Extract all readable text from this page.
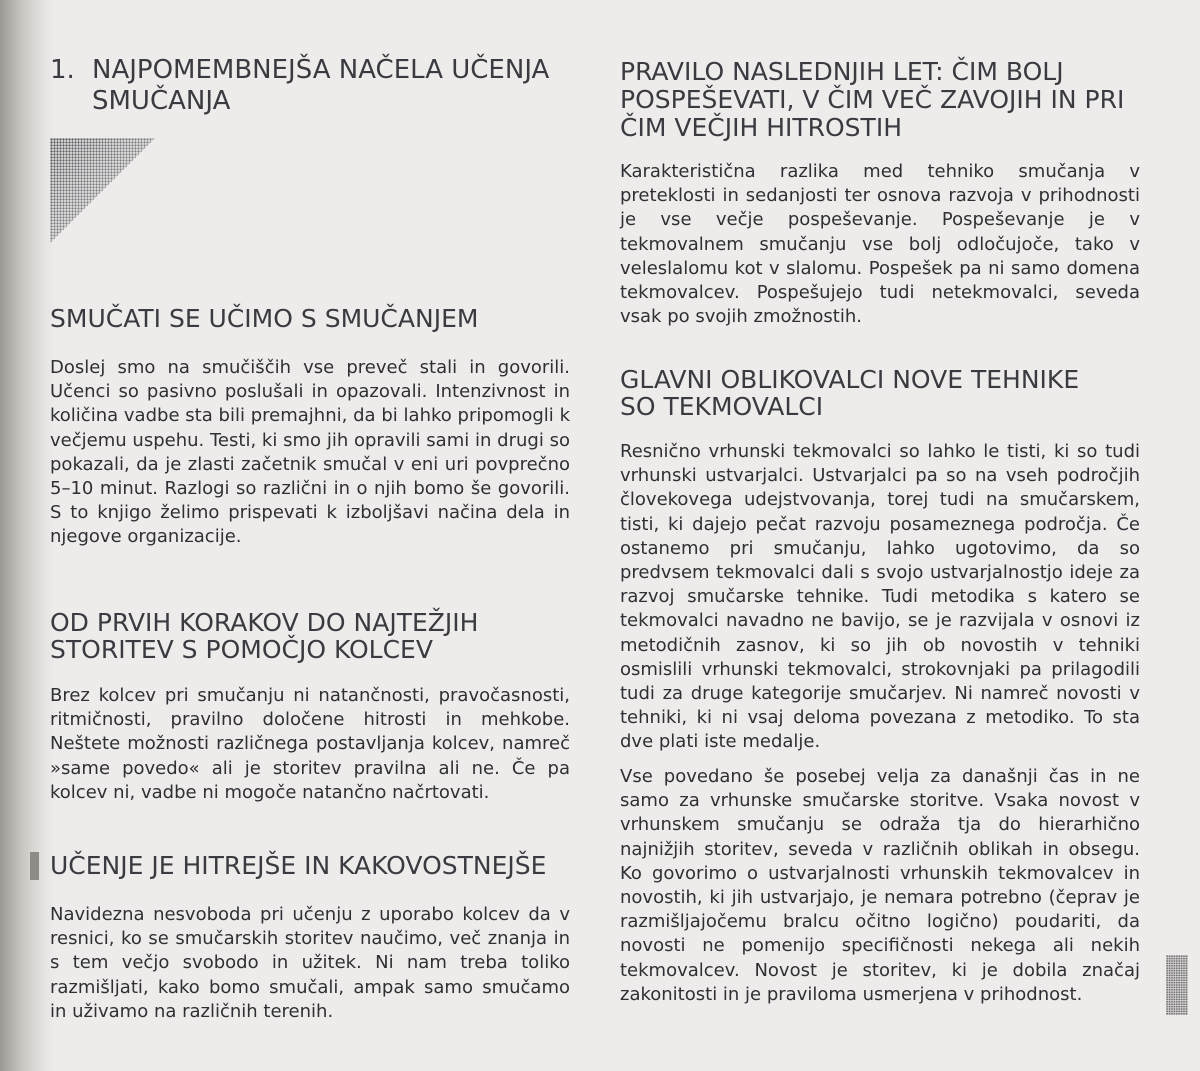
1. NAJPOMEMBNEJŠA NAČELA UČENJA SMUČANJA
SMUČATI SE UČIMO S SMUČANJEM

Doslej smo na smučiščih vse preveč stali in govorili. Učenci so pasivno poslušali in opazovali. Intenzivnost in količina vadbe sta bili premajhni, da bi lahko pripomogli k večjemu uspehu. Testi, ki smo jih opravili sami in drugi so pokazali, da je zlasti začetnik smučal v eni uri povprečno 5–10 minut. Razlogi so različni in o njih bomo še govorili. S to knjigo želimo prispevati k izboljšavi načina dela in njegove organizacije.

OD PRVIH KORAKOV DO NAJTEŽJIH STORITEV S POMOČJO KOLCEV

Brez kolcev pri smučanju ni natančnosti, pravočasnosti, ritmičnosti, pravilno določene hitrosti in mehkobe. Neštete možnosti različnega postavljanja kolcev, namreč »same povedo« ali je storitev pravilna ali ne. Če pa kolcev ni, vadbe ni mogoče natančno načrtovati.

UČENJE JE HITREJŠE IN KAKOVOSTNEJŠE

Navidezna nesvoboda pri učenju z uporabo kolcev da v resnici, ko se smučarskih storitev naučimo, več znanja in s tem večjo svobodo in užitek. Ni nam treba toliko razmišljati, kako bomo smučali, ampak samo smučamo in uživamo na različnih terenih.

PRAVILO NASLEDNJIH LET: ČIM BOLJ POSPEŠEVATI, V ČIM VEČ ZAVOJIH IN PRI ČIM VEČJIH HITROSTIH

Karakteristična razlika med tehniko smučanja v preteklosti in sedanjosti ter osnova razvoja v prihodnosti je vse večje pospeševanje. Pospeševanje je v tekmovalnem smučanju vse bolj odločujoče, tako v veleslalomu kot v slalomu. Pospešek pa ni samo domena tekmovalcev. Pospešujejo tudi netekmovalci, seveda vsak po svojih zmožnostih.

GLAVNI OBLIKOVALCI NOVE TEHNIKE SO TEKMOVALCI

Resnično vrhunski tekmovalci so lahko le tisti, ki so tudi vrhunski ustvarjalci. Ustvarjalci pa so na vseh področjih človekovega udejstvovanja, torej tudi na smučarskem, tisti, ki dajejo pečat razvoju posameznega področja. Če ostanemo pri smučanju, lahko ugotovimo, da so predvsem tekmovalci dali s svojo ustvarjalnostjo ideje za razvoj smučarske tehnike. Tudi metodika s katero se tekmovalci navadno ne bavijo, se je razvijala v osnovi iz metodičnih zasnov, ki so jih ob novostih v tehniki osmislili vrhunski tekmovalci, strokovnjaki pa prilagodili tudi za druge kategorije smučarjev. Ni namreč novosti v tehniki, ki ni vsaj deloma povezana z metodiko. To sta dve plati iste medalje.

Vse povedano še posebej velja za današnji čas in ne samo za vrhunske smučarske storitve. Vsaka novost v vrhunskem smučanju se odraža tja do hierarhično najnižjih storitev, seveda v različnih oblikah in obsegu. Ko govorimo o ustvarjalnosti vrhunskih tekmovalcev in novostih, ki jih ustvarjajo, je nemara potrebno (čeprav je razmišljajočemu bralcu očitno logično) poudariti, da novosti ne pomenijo specifičnosti nekega ali nekih tekmovalcev. Novost je storitev, ki je dobila značaj zakonitosti in je praviloma usmerjena v prihodnost.
